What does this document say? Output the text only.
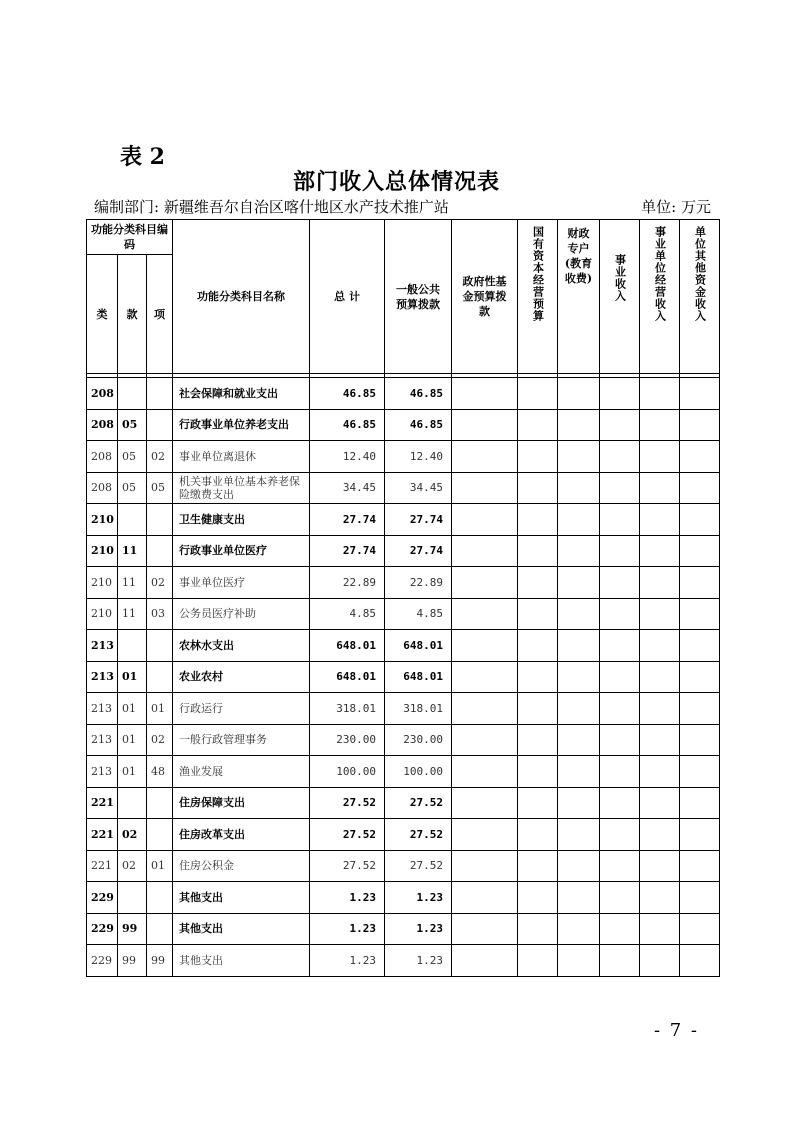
表 2
部门收入总体情况表
编制部门: 新疆维吾尔自治区喀什地区水产技术推广站	单位: 万元
功能分类科目编码			功能分类科目名称	总 计	一般公共预算拨款	政府性基金预算拨款	国有资本经营预算	财政专户(教育收费)	事业收入	事业单位经营收入	单位其他资金收入
类	款	项									

208			社会保障和就业支出	46.85	46.85						
208	05		行政事业单位养老支出	46.85	46.85						
208	05	02	事业单位离退休	12.40	12.40						
208	05	05	机关事业单位基本养老保险缴费支出	34.45	34.45						
210			卫生健康支出	27.74	27.74						
210	11		行政事业单位医疗	27.74	27.74						
210	11	02	事业单位医疗	22.89	22.89						
210	11	03	公务员医疗补助	4.85	4.85						
213			农林水支出	648.01	648.01						
213	01		农业农村	648.01	648.01						
213	01	01	行政运行	318.01	318.01						
213	01	02	一般行政管理事务	230.00	230.00						
213	01	48	渔业发展	100.00	100.00						
221			住房保障支出	27.52	27.52						
221	02		住房改革支出	27.52	27.52						
221	02	01	住房公积金	27.52	27.52						
229			其他支出	1.23	1.23						
229	99		其他支出	1.23	1.23						
229	99	99	其他支出	1.23	1.23						
- 7 -
